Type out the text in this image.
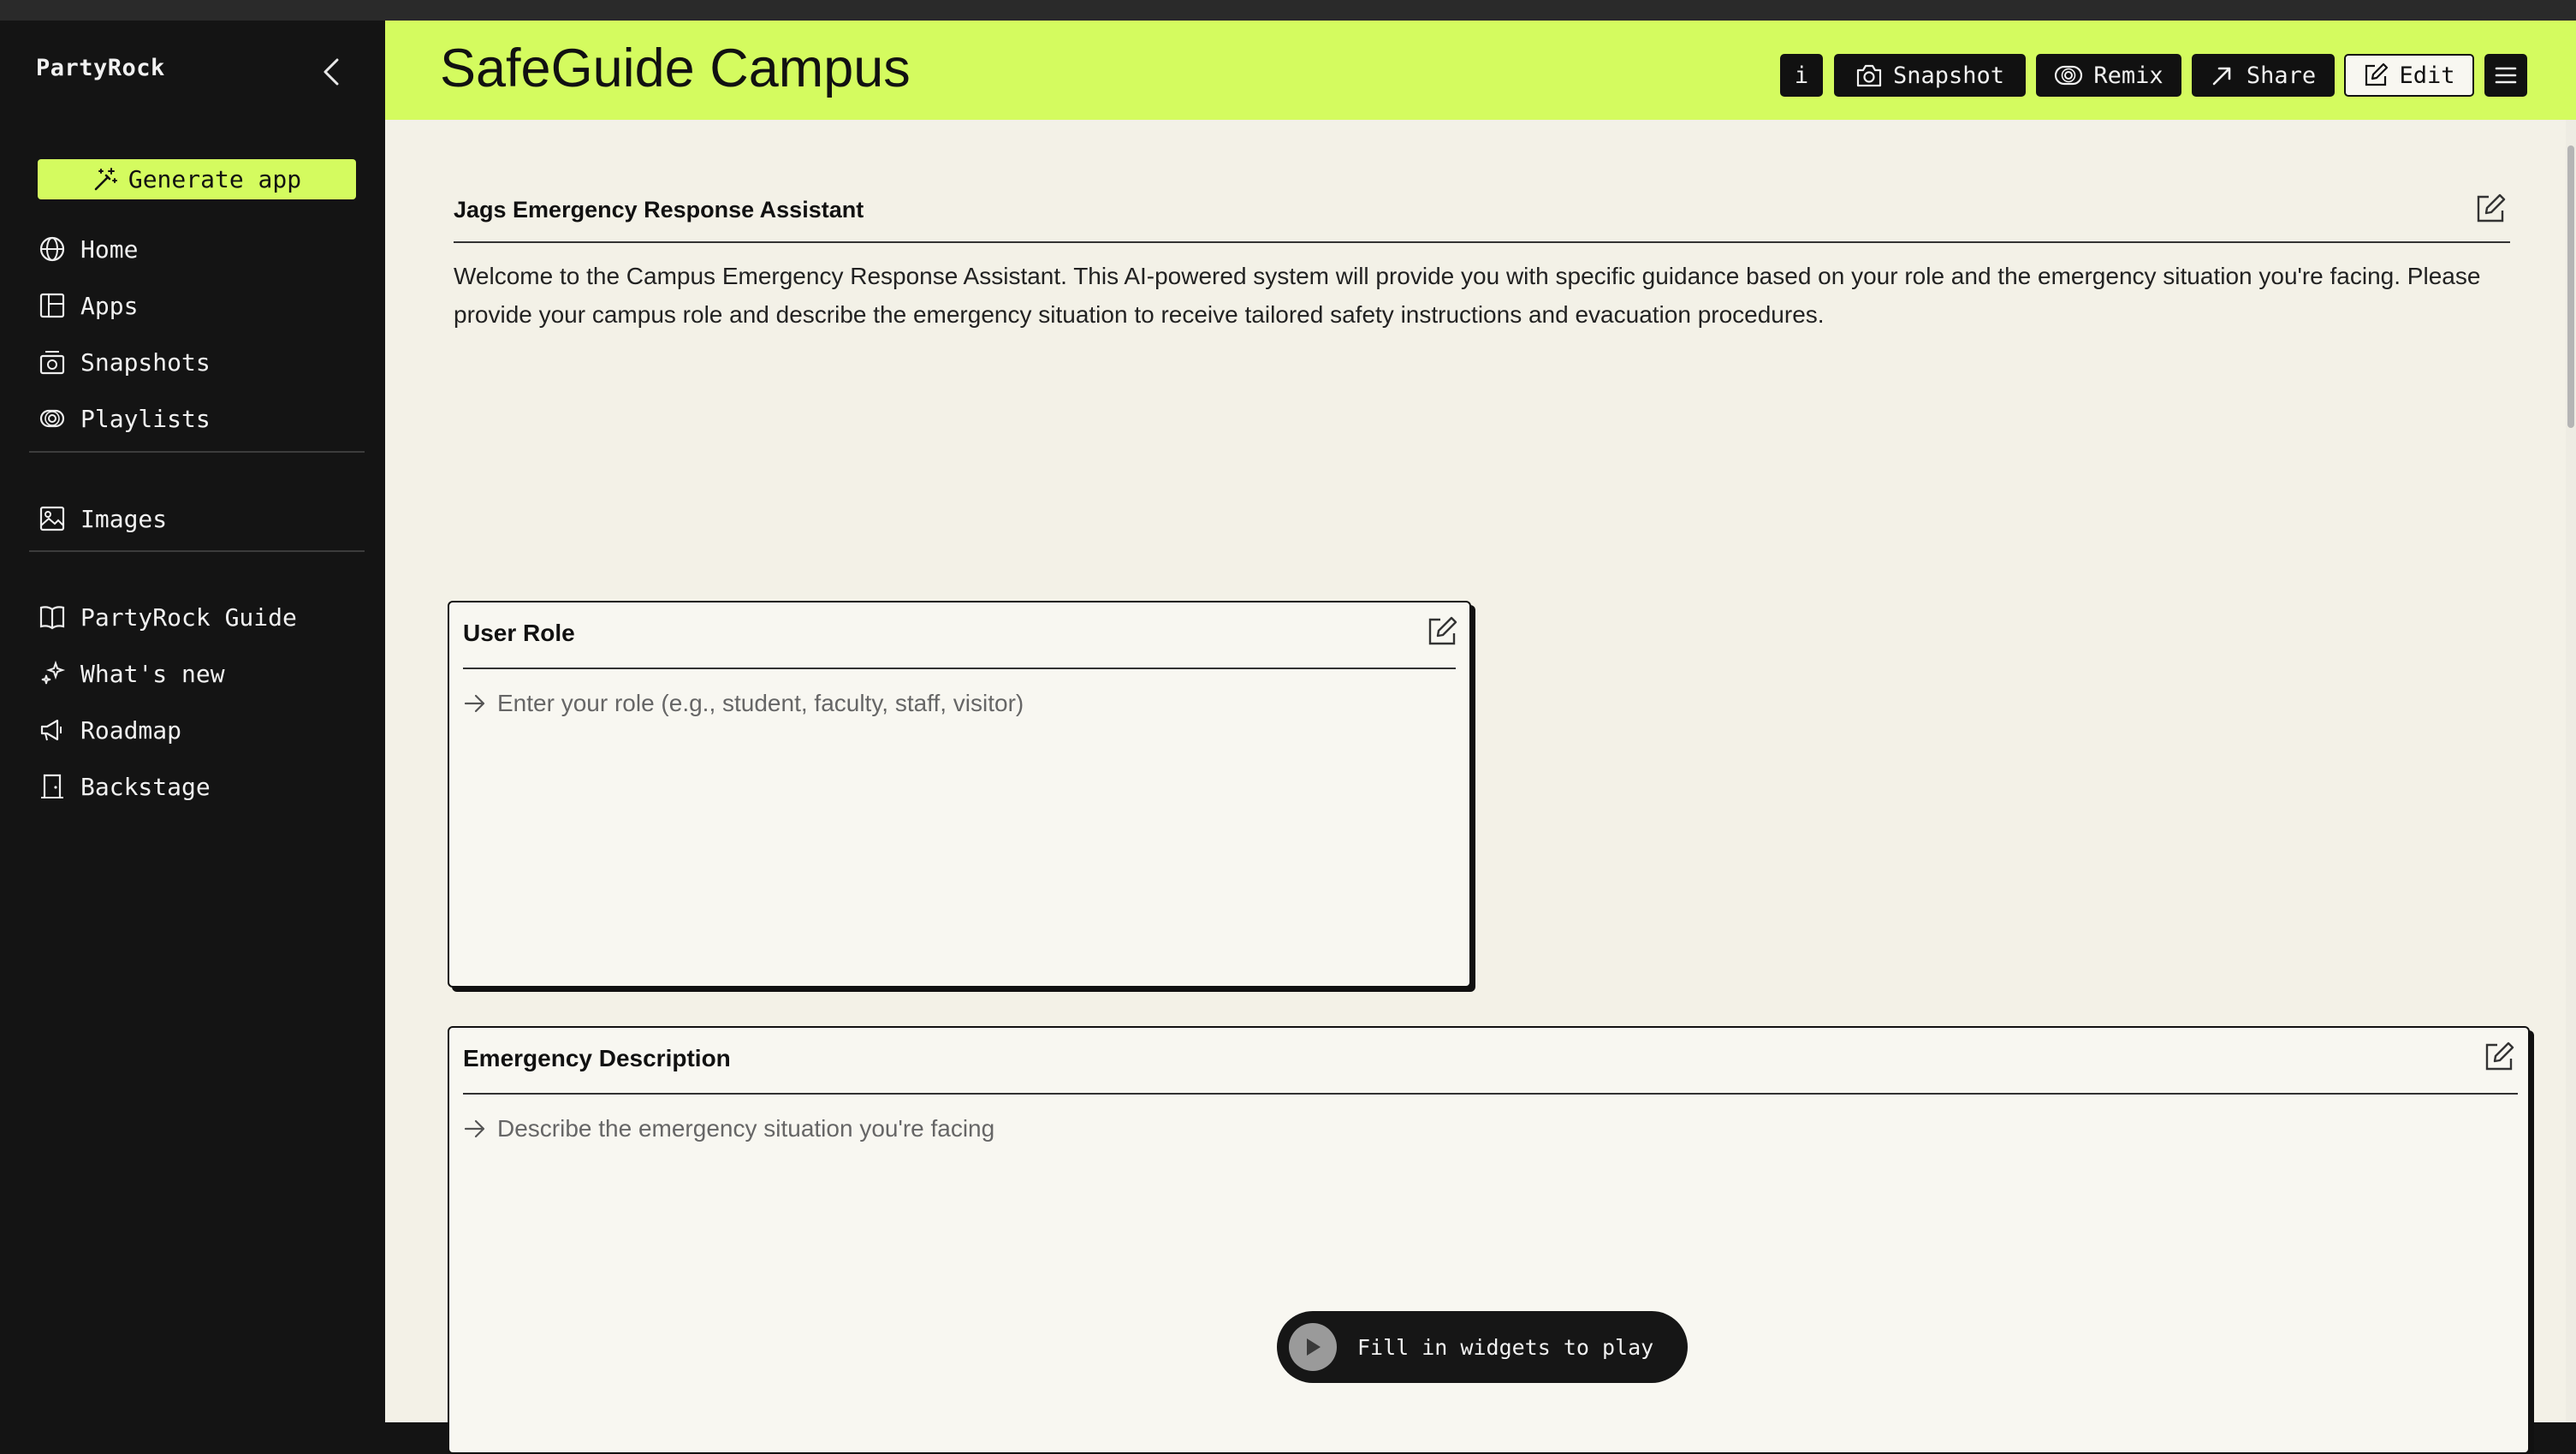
PartyRock
Generate app
Home
Apps
Snapshots
Playlists
Images
PartyRock Guide
What's new
Roadmap
Backstage
SafeGuide Campus	i	Snapshot	Remix	Share	Edit
Jags Emergency Response Assistant
Welcome to the Campus Emergency Response Assistant. This AI-powered system will provide you with specific guidance based on your role and the emergency situation you're facing. Please provide your campus role and describe the emergency situation to receive tailored safety instructions and evacuation procedures.
User Role
Enter your role (e.g., student, faculty, staff, visitor)
Emergency Description
Describe the emergency situation you're facing
Fill in widgets to play
